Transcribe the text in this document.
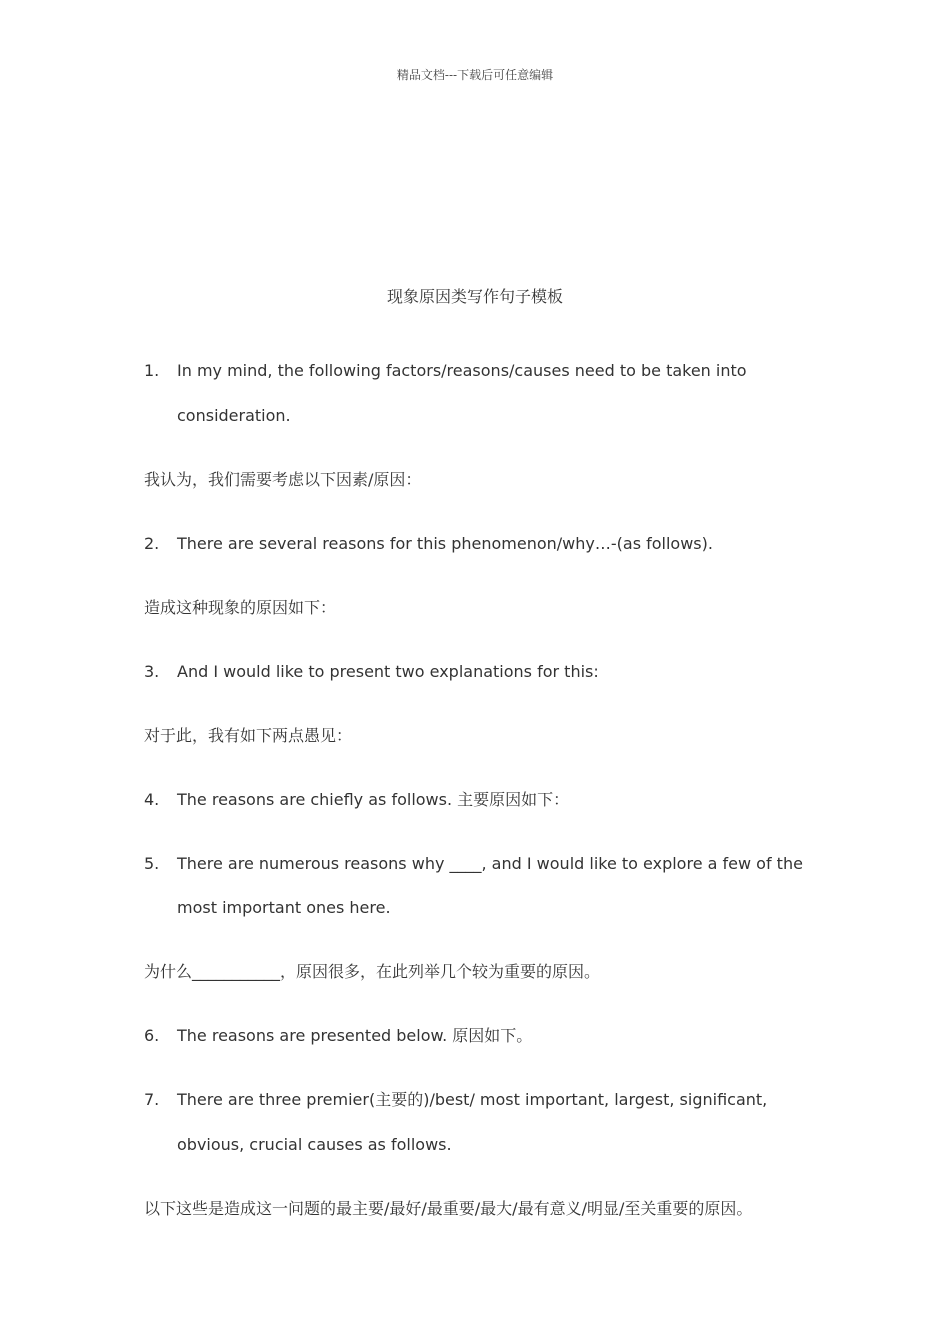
精品文档---下载后可任意编辑
现象原因类写作句子模板
1.	In my mind, the following factors/reasons/causes need to be taken into consideration.
我认为，我们需要考虑以下因素/原因：
2.	There are several reasons for this phenomenon/why…-(as follows).
造成这种现象的原因如下：
3.	And I would like to present two explanations for this:
对于此，我有如下两点愚见：
4.	The reasons are chiefly as follows. 主要原因如下：
5.	There are numerous reasons why ____, and I would like to explore a few of the most important ones here.
为什么___________，原因很多，在此列举几个较为重要的原因。
6.	The reasons are presented below. 原因如下。
7.	There are three premier(主要的)/best/ most important, largest, significant, obvious, crucial causes as follows.
以下这些是造成这一问题的最主要/最好/最重要/最大/最有意义/明显/至关重要的原因。
